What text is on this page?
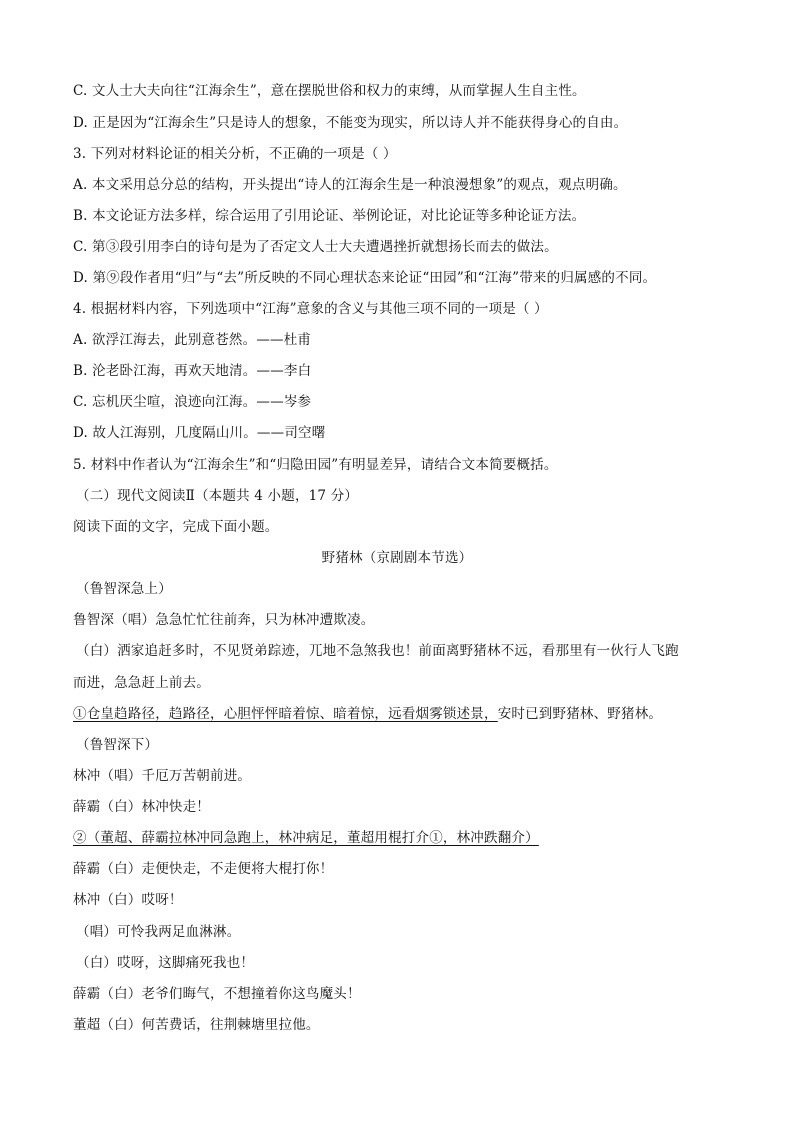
C. 文人士大夫向往“江海余生”，意在摆脱世俗和权力的束缚，从而掌握人生自主性。
D. 正是因为“江海余生”只是诗人的想象，不能变为现实，所以诗人并不能获得身心的自由。
3. 下列对材料论证的相关分析，不正确的一项是（ ）
A. 本文采用总分总的结构，开头提出“诗人的江海余生是一种浪漫想象”的观点，观点明确。
B. 本文论证方法多样，综合运用了引用论证、举例论证，对比论证等多种论证方法。
C. 第③段引用李白的诗句是为了否定文人士大夫遭遇挫折就想扬长而去的做法。
D. 第⑨段作者用“归”与“去”所反映的不同心理状态来论证“田园”和“江海”带来的归属感的不同。
4. 根据材料内容，下列选项中“江海”意象的含义与其他三项不同的一项是（ ）
A. 欲浮江海去，此别意苍然。——杜甫
B. 沦老卧江海，再欢天地清。——李白
C. 忘机厌尘喧，浪迹向江海。——岑参
D. 故人江海别，几度隔山川。——司空曙
5. 材料中作者认为“江海余生”和“归隐田园”有明显差异，请结合文本简要概括。
（二）现代文阅读Ⅱ（本题共 4 小题，17 分）
阅读下面的文字，完成下面小题。
野猪林（京剧剧本节选）
（鲁智深急上）
鲁智深（唱）急急忙忙往前奔，只为林冲遭欺凌。
（白）洒家追赶多时，不见贤弟踪迹，兀地不急煞我也！前面离野猪林不远，看那里有一伙行人飞跑
而进，急急赶上前去。
①仓皇趋路径，趋路径，心胆怦怦暗着惊、暗着惊，远看烟雾锁述景，安时已到野猪林、野猪林。
（鲁智深下）
林冲（唱）千厄万苦朝前进。
薛霸（白）林冲快走！
②（董超、薛霸拉林冲同急跑上，林冲病足，董超用棍打介①，林冲跌翻介）
薛霸（白）走便快走，不走便将大棍打你！
林冲（白）哎呀！
（唱）可怜我两足血淋淋。
（白）哎呀，这脚痛死我也！
薛霸（白）老爷们晦气，不想撞着你这鸟魔头！
董超（白）何苦费话，往荆棘塘里拉他。
